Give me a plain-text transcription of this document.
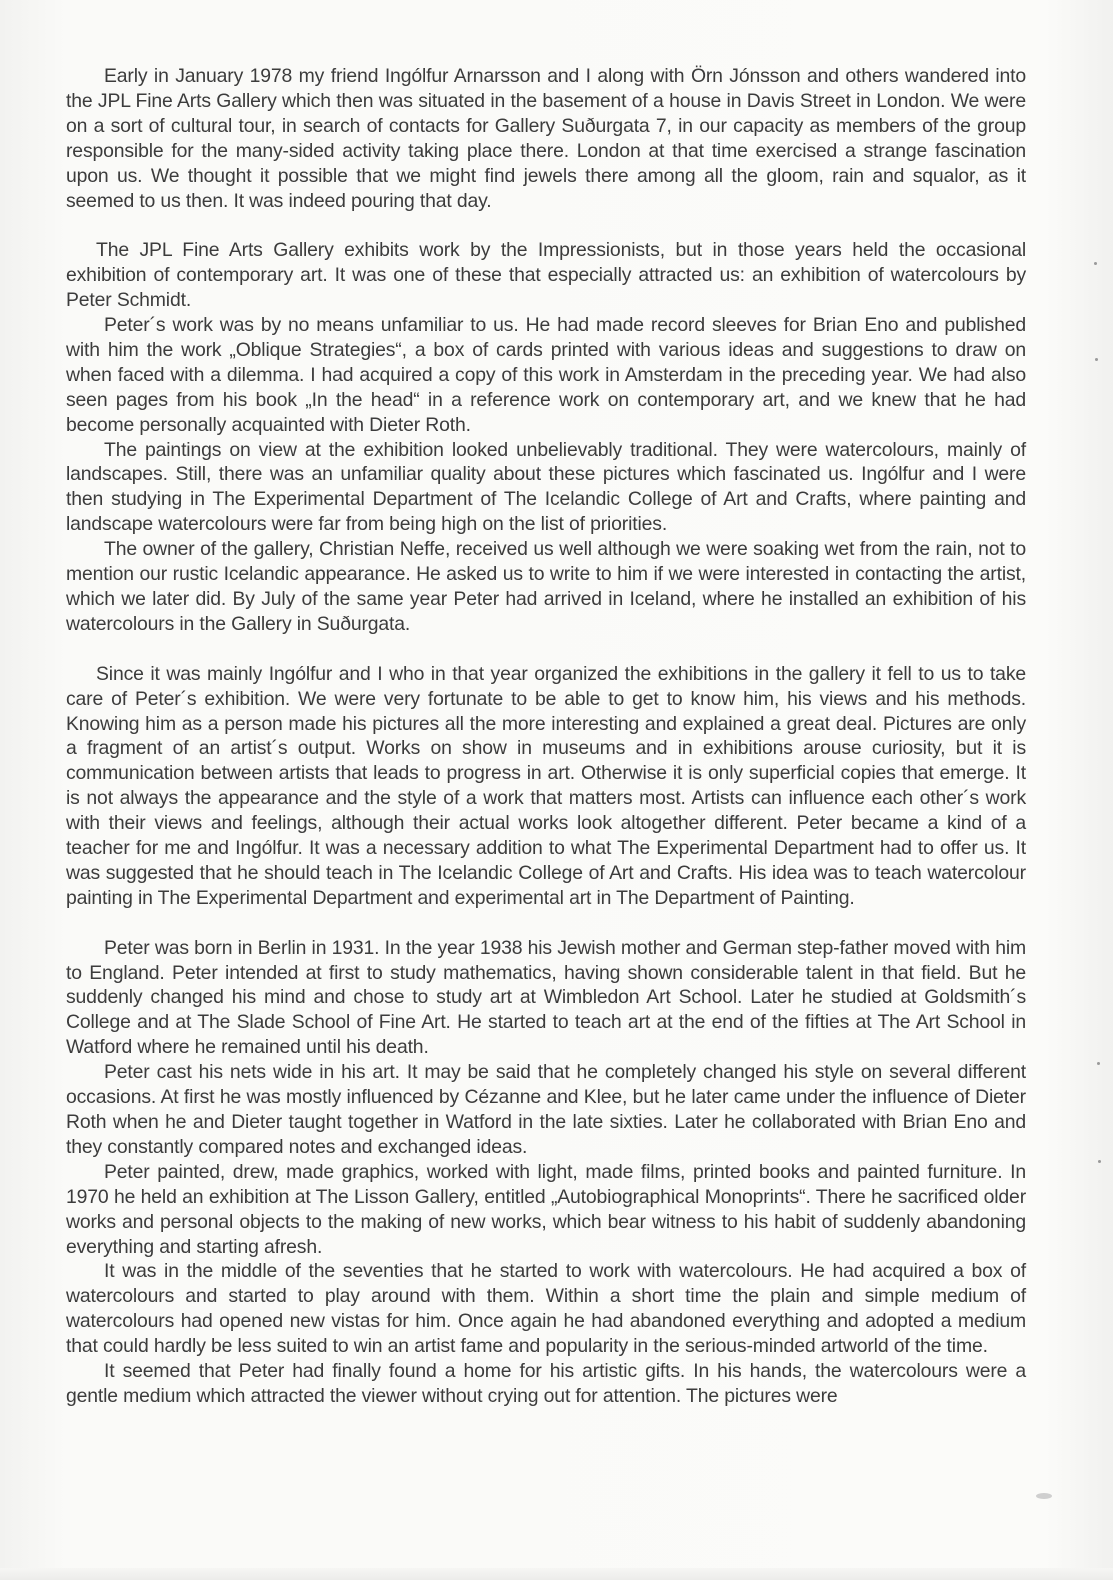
Early in January 1978 my friend Ingólfur Arnarsson and I along with Örn Jónsson and others wandered into the JPL Fine Arts Gallery which then was situated in the basement of a house in Davis Street in London. We were on a sort of cultural tour, in search of contacts for Gallery Suðurgata 7, in our capacity as members of the group responsible for the many-sided activity taking place there. London at that time exercised a strange fascination upon us. We thought it possible that we might find jewels there among all the gloom, rain and squalor, as it seemed to us then. It was indeed pouring that day.

The JPL Fine Arts Gallery exhibits work by the Impressionists, but in those years held the occasional exhibition of contemporary art. It was one of these that especially attracted us: an exhibition of watercolours by Peter Schmidt.

Peter´s work was by no means unfamiliar to us. He had made record sleeves for Brian Eno and published with him the work „Oblique Strategies“, a box of cards printed with various ideas and suggestions to draw on when faced with a dilemma. I had acquired a copy of this work in Amsterdam in the preceding year. We had also seen pages from his book „In the head“ in a reference work on contemporary art, and we knew that he had become personally acquainted with Dieter Roth.

The paintings on view at the exhibition looked unbelievably traditional. They were watercolours, mainly of landscapes. Still, there was an unfamiliar quality about these pictures which fascinated us. Ingólfur and I were then studying in The Experimental Department of The Icelandic College of Art and Crafts, where painting and landscape watercolours were far from being high on the list of priorities.

The owner of the gallery, Christian Neffe, received us well although we were soaking wet from the rain, not to mention our rustic Icelandic appearance. He asked us to write to him if we were interested in contacting the artist, which we later did. By July of the same year Peter had arrived in Iceland, where he installed an exhibition of his watercolours in the Gallery in Suðurgata.

Since it was mainly Ingólfur and I who in that year organized the exhibitions in the gallery it fell to us to take care of Peter´s exhibition. We were very fortunate to be able to get to know him, his views and his methods. Knowing him as a person made his pictures all the more interesting and explained a great deal. Pictures are only a fragment of an artist´s output. Works on show in museums and in exhibitions arouse curiosity, but it is communication between artists that leads to progress in art. Otherwise it is only superficial copies that emerge. It is not always the appearance and the style of a work that matters most. Artists can influence each other´s work with their views and feelings, although their actual works look altogether different. Peter became a kind of a teacher for me and Ingólfur. It was a necessary addition to what The Experimental Department had to offer us. It was suggested that he should teach in The Icelandic College of Art and Crafts. His idea was to teach watercolour painting in The Experimental Department and experimental art in The Department of Painting.

Peter was born in Berlin in 1931. In the year 1938 his Jewish mother and German step-father moved with him to England. Peter intended at first to study mathematics, having shown considerable talent in that field. But he suddenly changed his mind and chose to study art at Wimbledon Art School. Later he studied at Goldsmith´s College and at The Slade School of Fine Art. He started to teach art at the end of the fifties at The Art School in Watford where he remained until his death.

Peter cast his nets wide in his art. It may be said that he completely changed his style on several different occasions. At first he was mostly influenced by Cézanne and Klee, but he later came under the influence of Dieter Roth when he and Dieter taught together in Watford in the late sixties. Later he collaborated with Brian Eno and they constantly compared notes and exchanged ideas.

Peter painted, drew, made graphics, worked with light, made films, printed books and painted furniture. In 1970 he held an exhibition at The Lisson Gallery, entitled „Autobiographical Monoprints“. There he sacrificed older works and personal objects to the making of new works, which bear witness to his habit of suddenly abandoning everything and starting afresh.

It was in the middle of the seventies that he started to work with watercolours. He had acquired a box of watercolours and started to play around with them. Within a short time the plain and simple medium of watercolours had opened new vistas for him. Once again he had abandoned everything and adopted a medium that could hardly be less suited to win an artist fame and popularity in the serious-minded artworld of the time.

It seemed that Peter had finally found a home for his artistic gifts. In his hands, the watercolours were a gentle medium which attracted the viewer without crying out for attention. The pictures were
